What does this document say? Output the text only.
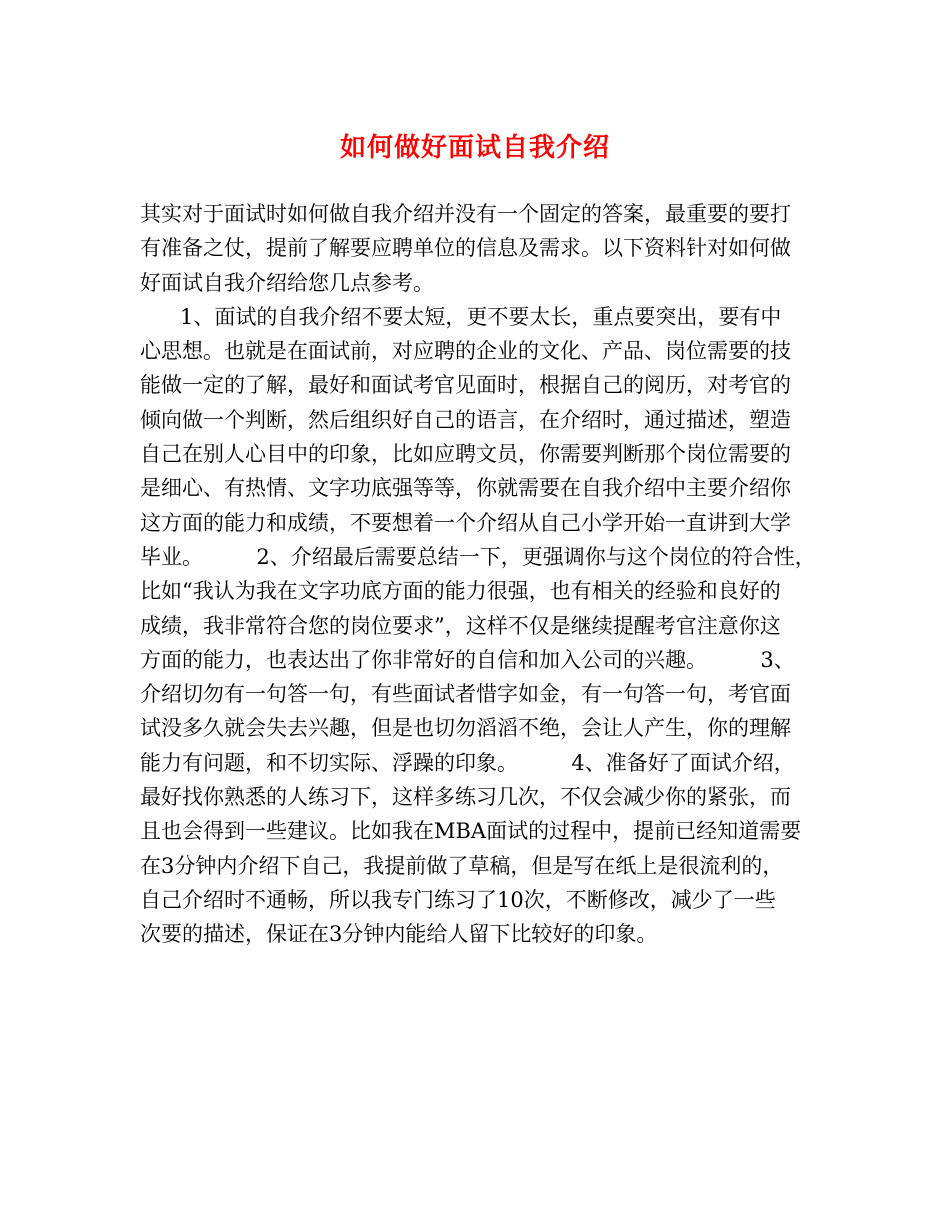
如何做好面试自我介绍
其实对于面试时如何做自我介绍并没有一个固定的答案，最重要的要打
有准备之仗，提前了解要应聘单位的信息及需求。以下资料针对如何做
好面试自我介绍给您几点参考。
1、面试的自我介绍不要太短，更不要太长，重点要突出，要有中
心思想。也就是在面试前，对应聘的企业的文化、产品、岗位需要的技
能做一定的了解，最好和面试考官见面时，根据自己的阅历，对考官的
倾向做一个判断，然后组织好自己的语言，在介绍时，通过描述，塑造
自己在别人心目中的印象，比如应聘文员，你需要判断那个岗位需要的
是细心、有热情、文字功底强等等，你就需要在自我介绍中主要介绍你
这方面的能力和成绩，不要想着一个介绍从自己小学开始一直讲到大学
毕业。        2、介绍最后需要总结一下，更强调你与这个岗位的符合性，
比如“我认为我在文字功底方面的能力很强，也有相关的经验和良好的
成绩，我非常符合您的岗位要求”，这样不仅是继续提醒考官注意你这
方面的能力，也表达出了你非常好的自信和加入公司的兴趣。        3、
介绍切勿有一句答一句，有些面试者惜字如金，有一句答一句，考官面
试没多久就会失去兴趣，但是也切勿滔滔不绝，会让人产生，你的理解
能力有问题，和不切实际、浮躁的印象。        4、准备好了面试介绍，
最好找你熟悉的人练习下，这样多练习几次，不仅会减少你的紧张，而
且也会得到一些建议。比如我在MBA面试的过程中，提前已经知道需要
在3分钟内介绍下自己，我提前做了草稿，但是写在纸上是很流利的，
自己介绍时不通畅，所以我专门练习了10次，不断修改，减少了一些
次要的描述，保证在3分钟内能给人留下比较好的印象。
